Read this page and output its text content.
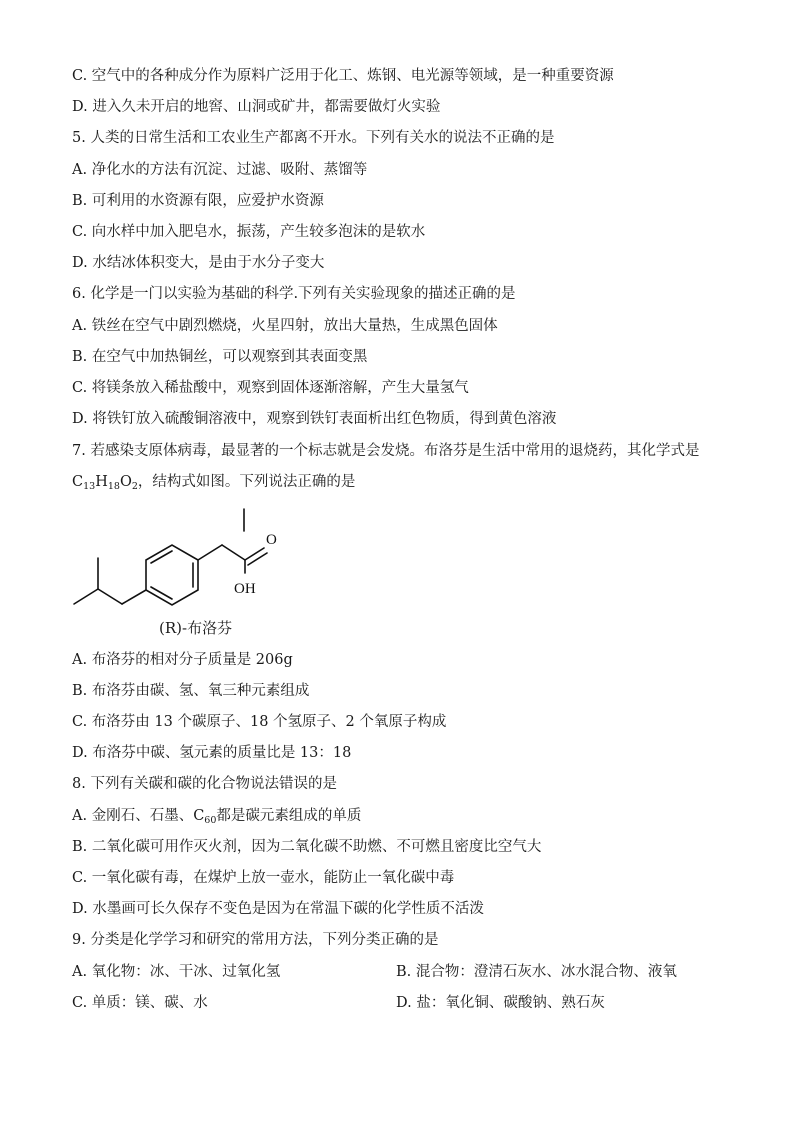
C. 空气中的各种成分作为原料广泛用于化工、炼钢、电光源等领域，是一种重要资源
D. 进入久未开启的地窖、山洞或矿井，都需要做灯火实验
5. 人类的日常生活和工农业生产都离不开水。下列有关水的说法不正确的是
A. 净化水的方法有沉淀、过滤、吸附、蒸馏等
B. 可利用的水资源有限，应爱护水资源
C. 向水样中加入肥皂水，振荡，产生较多泡沫的是软水
D. 水结冰体积变大，是由于水分子变大
6. 化学是一门以实验为基础的科学.下列有关实验现象的描述正确的是
A. 铁丝在空气中剧烈燃烧，火星四射，放出大量热，生成黑色固体
B. 在空气中加热铜丝，可以观察到其表面变黑
C. 将镁条放入稀盐酸中，观察到固体逐渐溶解，产生大量氢气
D. 将铁钉放入硫酸铜溶液中，观察到铁钉表面析出红色物质，得到黄色溶液
7. 若感染支原体病毒，最显著的一个标志就是会发烧。布洛芬是生活中常用的退烧药，其化学式是
$C_{13}H_{18}O_2$，结构式如图。下列说法正确的是
O
OH
(R)-布洛芬
A. 布洛芬的相对分子质量是 206g
B. 布洛芬由碳、氢、氧三种元素组成
C. 布洛芬由 13 个碳原子、18 个氢原子、2 个氧原子构成
D. 布洛芬中碳、氢元素的质量比是 13：18
8. 下列有关碳和碳的化合物说法错误的是
A. 金刚石、石墨、$C_{60}$都是碳元素组成的单质
B. 二氧化碳可用作灭火剂，因为二氧化碳不助燃、不可燃且密度比空气大
C. 一氧化碳有毒，在煤炉上放一壶水，能防止一氧化碳中毒
D. 水墨画可长久保存不变色是因为在常温下碳的化学性质不活泼
9. 分类是化学学习和研究的常用方法，下列分类正确的是
A. 氧化物：冰、干冰、过氧化氢	B. 混合物：澄清石灰水、冰水混合物、液氧
C. 单质：镁、碳、水	D. 盐：氧化铜、碳酸钠、熟石灰
